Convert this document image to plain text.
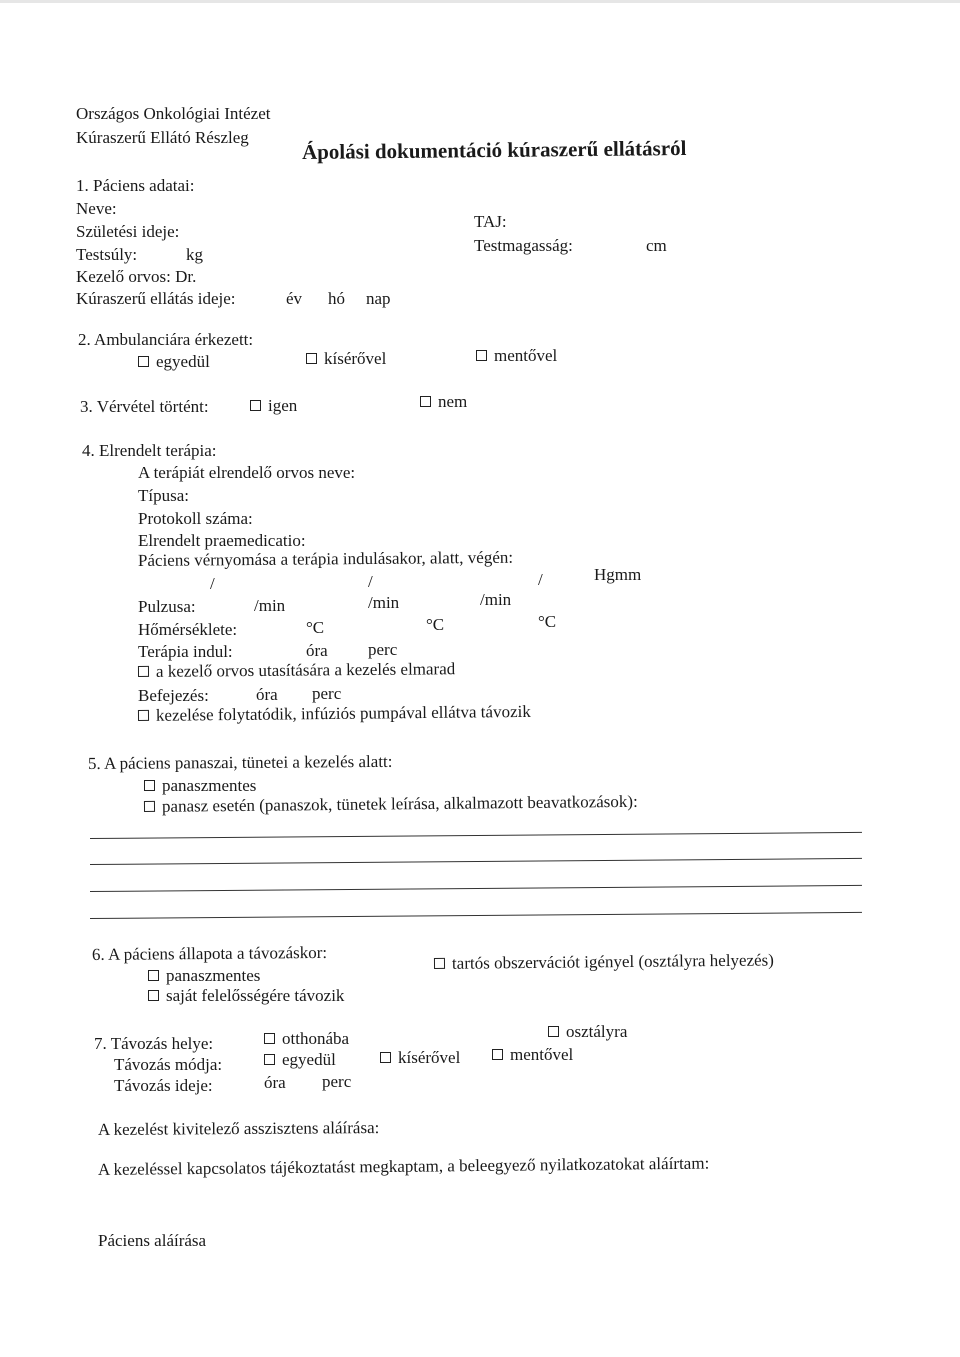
Országos Onkológiai Intézet
Kúraszerű Ellátó Részleg	Ápolási dokumentáció kúraszerű ellátásról
1. Páciens adatai:
Neve:
Születési ideje:
TAJ:
Testsúly:	kg	Testmagasság:	cm
Kezelő orvos: Dr.
Kúraszerű ellátás ideje:	év hó nap
2. Ambulanciára érkezett:
egyedül	kísérővel	mentővel
3. Vérvétel történt:	igen	nem
4. Elrendelt terápia:
A terápiát elrendelő orvos neve:
Típusa:
Protokoll száma:
Elrendelt praemedicatio:
Páciens vérnyomása a terápia indulásakor, alatt, végén:
/	/	/	Hgmm
Pulzusa:	/min	/min	/min
Hőmérséklete:	°C	°C	°C
Terápia indul:	óra perc
a kezelő orvos utasítására a kezelés elmarad
Befejezés:	óra perc
kezelése folytatódik, infúziós pumpával ellátva távozik
5. A páciens panaszai, tünetei a kezelés alatt:
panaszmentes
panasz esetén (panaszok, tünetek leírása, alkalmazott beavatkozások):
6. A páciens állapota a távozáskor:
panaszmentes
tartós obszervációt igényel (osztályra helyezés)
saját felelősségére távozik
7. Távozás helye:	otthonába	osztályra
Távozás módja:	egyedül	kísérővel	mentővel
Távozás ideje:	óra perc
A kezelést kivitelező asszisztens aláírása:
A kezeléssel kapcsolatos tájékoztatást megkaptam, a beleegyező nyilatkozatokat aláírtam:
Páciens aláírása
